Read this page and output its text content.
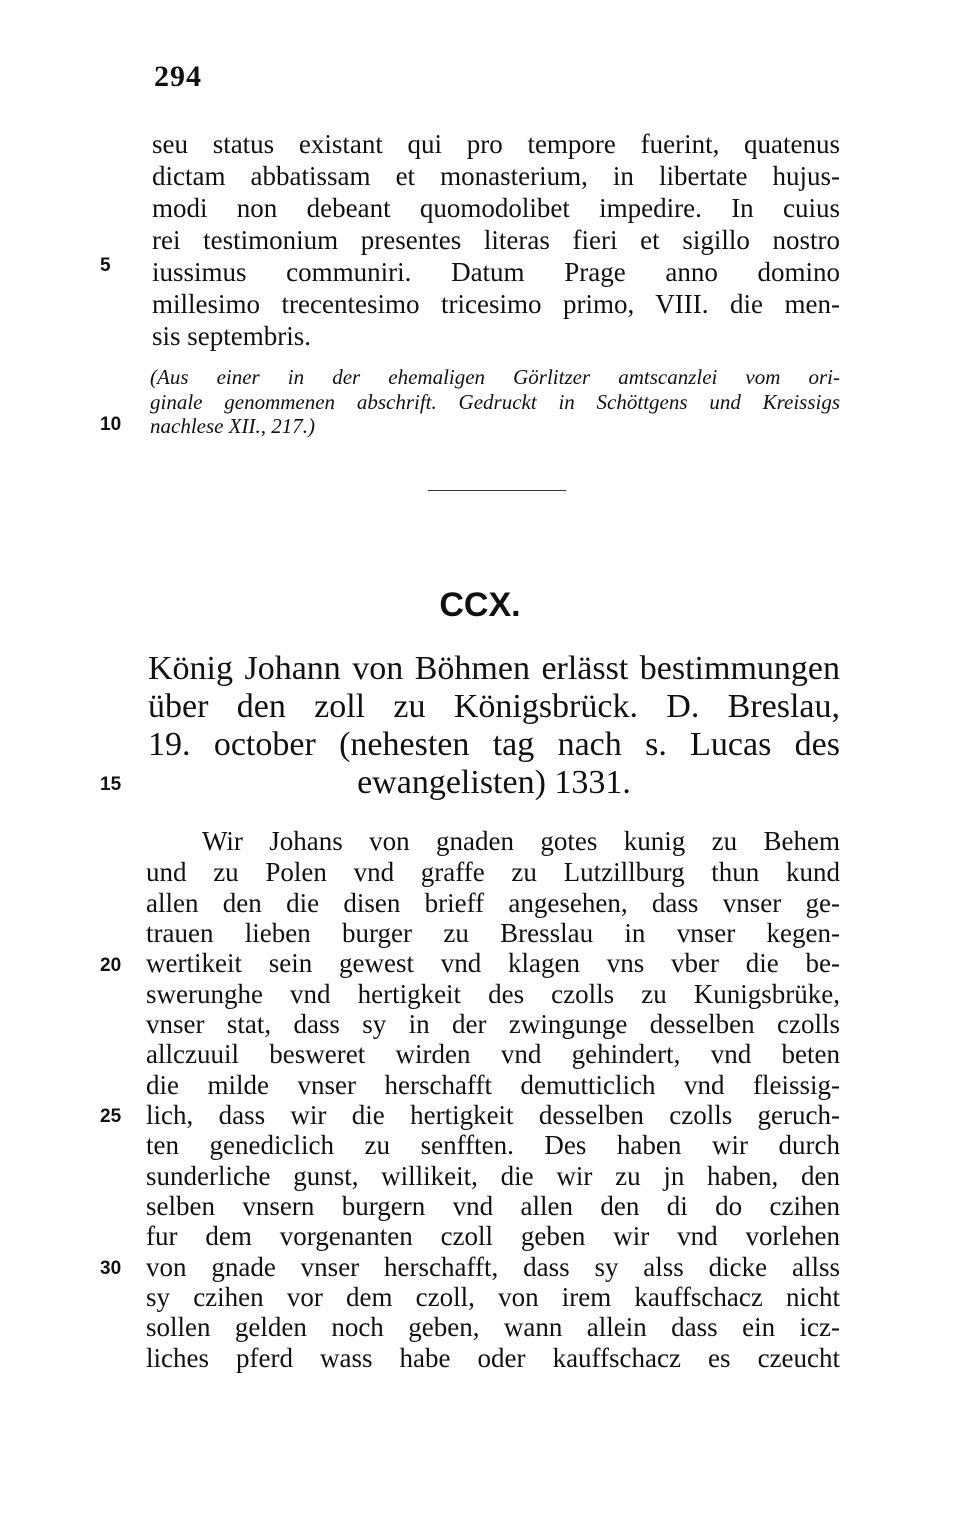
294
seu status existant qui pro tempore fuerint, quatenus
dictam abbatissam et monasterium, in libertate hujus-
modi non debeant quomodolibet impedire. In cuius
rei testimonium presentes literas fieri et sigillo nostro
iussimus communiri. Datum Prage anno domino
millesimo trecentesimo tricesimo primo, VIII. die men-
sis septembris.
5
(Aus einer in der ehemaligen Görlitzer amtscanzlei vom ori-
ginale genommenen abschrift. Gedruckt in Schöttgens und Kreissigs
nachlese XII., 217.)
10
CCX.
König Johann von Böhmen erlässt bestimmungen
über den zoll zu Königsbrück. D. Breslau,
19. october (nehesten tag nach s. Lucas des
ewangelisten) 1331.
15
Wir Johans von gnaden gotes kunig zu Behem
und zu Polen vnd graffe zu Lutzillburg thun kund
allen den die disen brieff angesehen, dass vnser ge-
trauen lieben burger zu Bresslau in vnser kegen-
wertikeit sein gewest vnd klagen vns vber die be-
swerunghe vnd hertigkeit des czolls zu Kunigsbrüke,
vnser stat, dass sy in der zwingunge desselben czolls
allczuuil besweret wirden vnd gehindert, vnd beten
die milde vnser herschafft demutticlich vnd fleissig-
lich, dass wir die hertigkeit desselben czolls geruch-
ten genediclich zu senfften. Des haben wir durch
sunderliche gunst, willikeit, die wir zu jn haben, den
selben vnsern burgern vnd allen den di do czihen
fur dem vorgenanten czoll geben wir vnd vorlehen
von gnade vnser herschafft, dass sy alss dicke allss
sy czihen vor dem czoll, von irem kauffschacz nicht
sollen gelden noch geben, wann allein dass ein icz-
liches pferd wass habe oder kauffschacz es czeucht
20
25
30
